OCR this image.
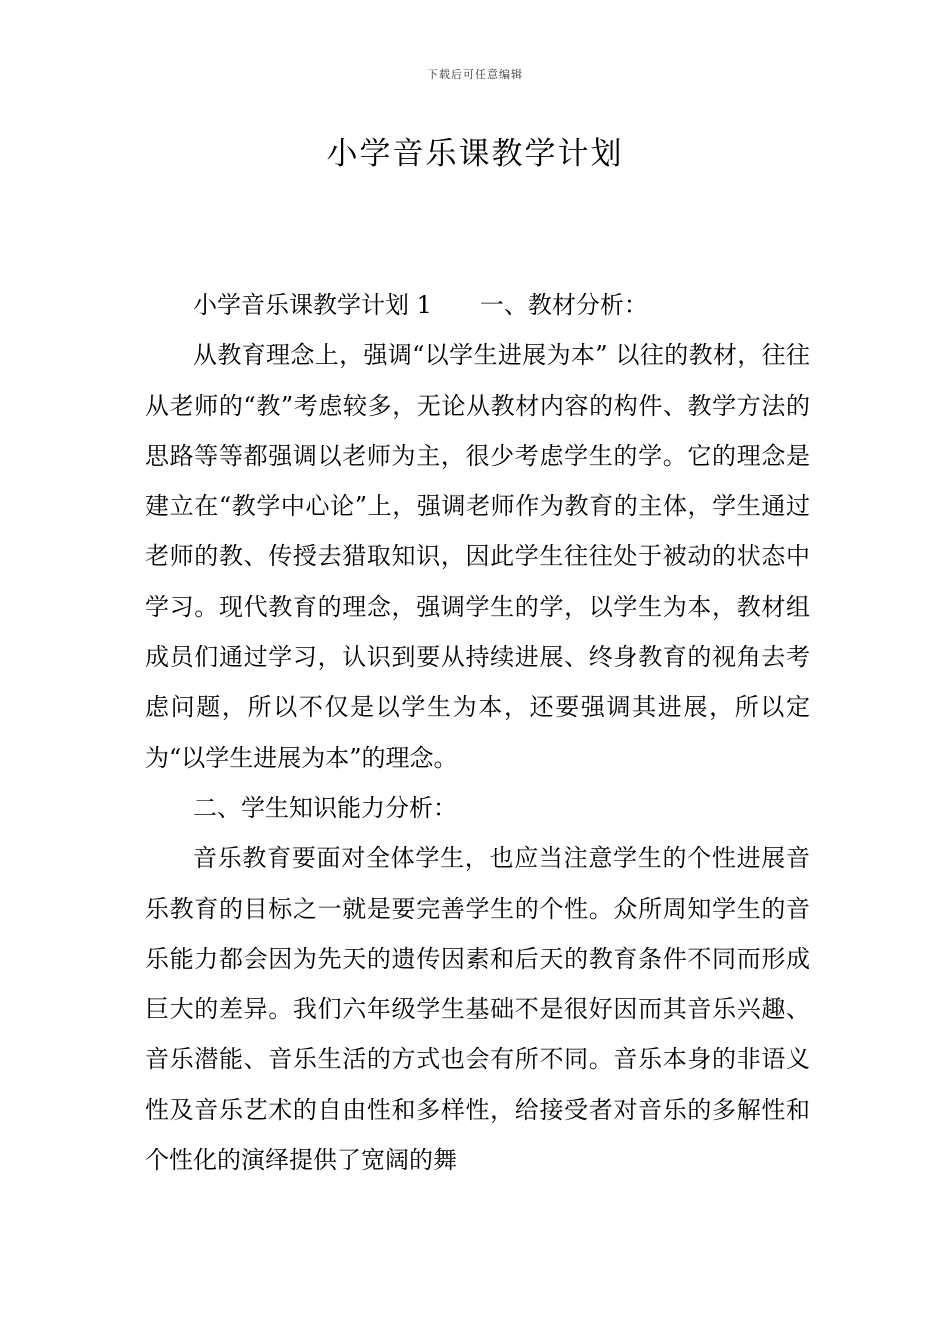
下载后可任意编辑
小学音乐课教学计划

小学音乐课教学计划 1 一、教材分析：

从教育理念上，强调“以学生进展为本” 以往的教材，往往从老师的“教”考虑较多，无论从教材内容的构件、教学方法的思路等等都强调以老师为主，很少考虑学生的学。它的理念是建立在“教学中心论”上，强调老师作为教育的主体，学生通过老师的教、传授去猎取知识，因此学生往往处于被动的状态中学习。现代教育的理念，强调学生的学，以学生为本，教材组成员们通过学习，认识到要从持续进展、终身教育的视角去考虑问题，所以不仅是以学生为本，还要强调其进展，所以定为“以学生进展为本”的理念。

二、学生知识能力分析：

音乐教育要面对全体学生，也应当注意学生的个性进展音乐教育的目标之一就是要完善学生的个性。众所周知学生的音乐能力都会因为先天的遗传因素和后天的教育条件不同而形成巨大的差异。我们六年级学生基础不是很好因而其音乐兴趣、音乐潜能、音乐生活的方式也会有所不同。音乐本身的非语义性及音乐艺术的自由性和多样性，给接受者对音乐的多解性和个性化的演绎提供了宽阔的舞
